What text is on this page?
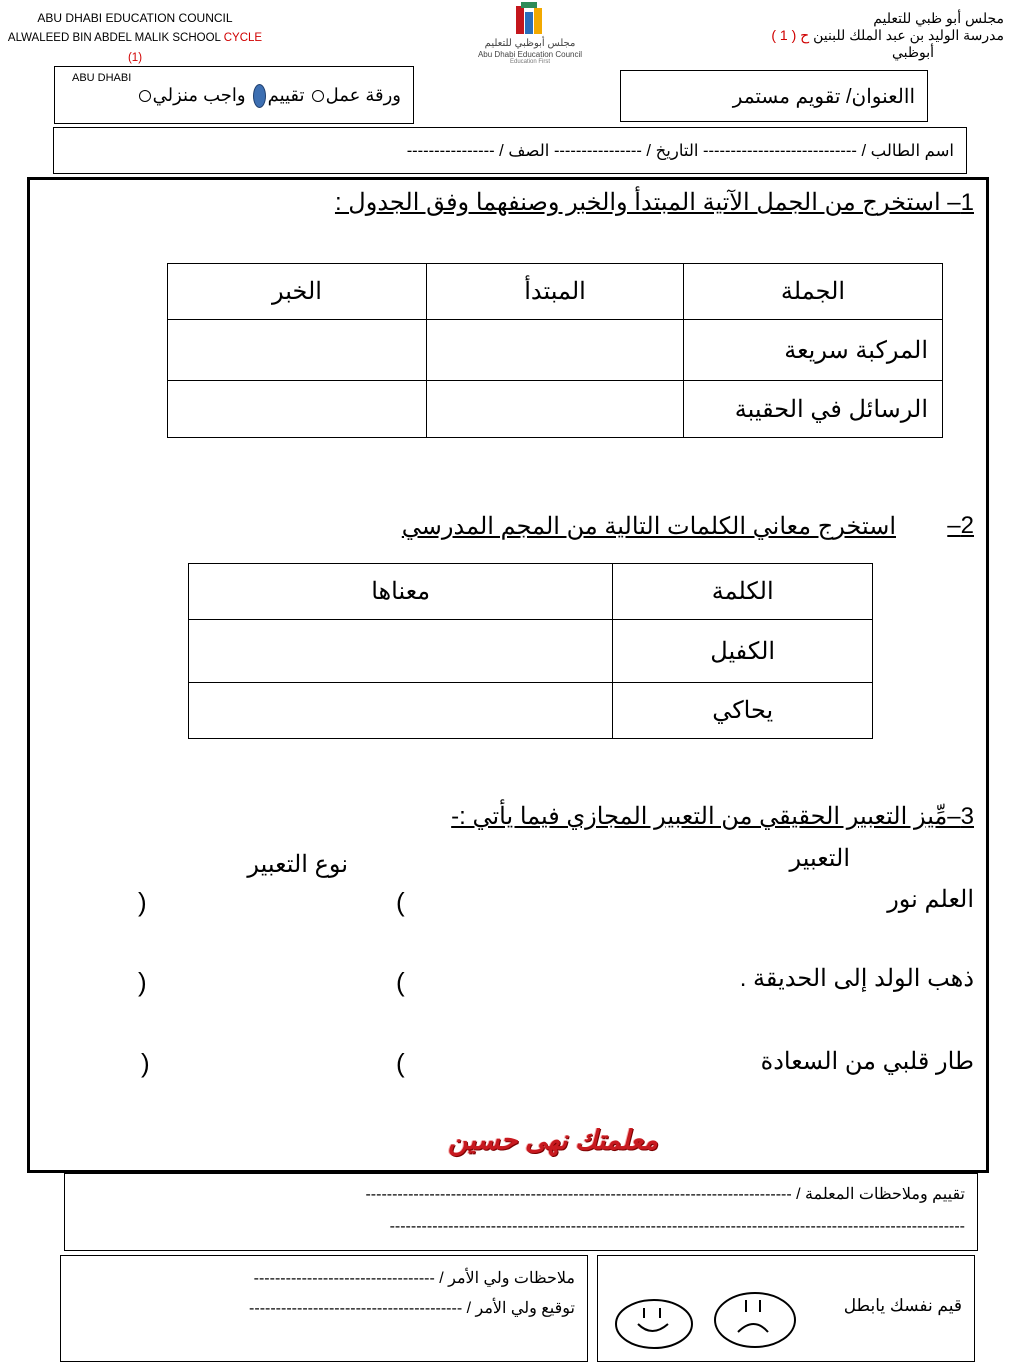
ABU DHABI EDUCATION COUNCIL
ALWALEED BIN ABDEL MALIK SCHOOL CYCLE (1)
ABU DHABI
مجلس أبوظبي للتعليم
Abu Dhabi Education Council
Education First
مجلس أبو ظبي للتعليم
مدرسة الوليد بن عبد الملك للبنين ح ( 1 )
أبوظبي
ورقة عمل تقييم واجب منزلي	االعنوان/ تقويم مستمر
اسم الطالب / ---------------------------- التاريخ / ---------------- الصف / ----------------
1– استخرج من الجمل الآتية المبتدأ والخبر وصنفهما وفق الجدول :
الجملة	المبتدأ	الخبر
المركبة سريعة		
الرسائل في الحقيبة		
2–
استخرج معاني الكلمات التالية من المجم المدرسي
الكلمة	معناها
الكفيل	
يحاكي	
3–مِّيز التعبير الحقيقي من التعبير المجازي فيما يأتي :-
التعبير
نوع التعبير
العلم نور
(
)
ذهب الولد إلى الحديقة .
(
)
طار قلبي من السعادة
(
)
معلمتك نهى حسين
تقييم وملاحظات المعلمة / --------------------------------------------------------------------------------
------------------------------------------------------------------------------------------------------------
ملاحظات ولي الأمر / ----------------------------------
توقيع ولي الأمر / ----------------------------------------	قيم نفسك يابطل
